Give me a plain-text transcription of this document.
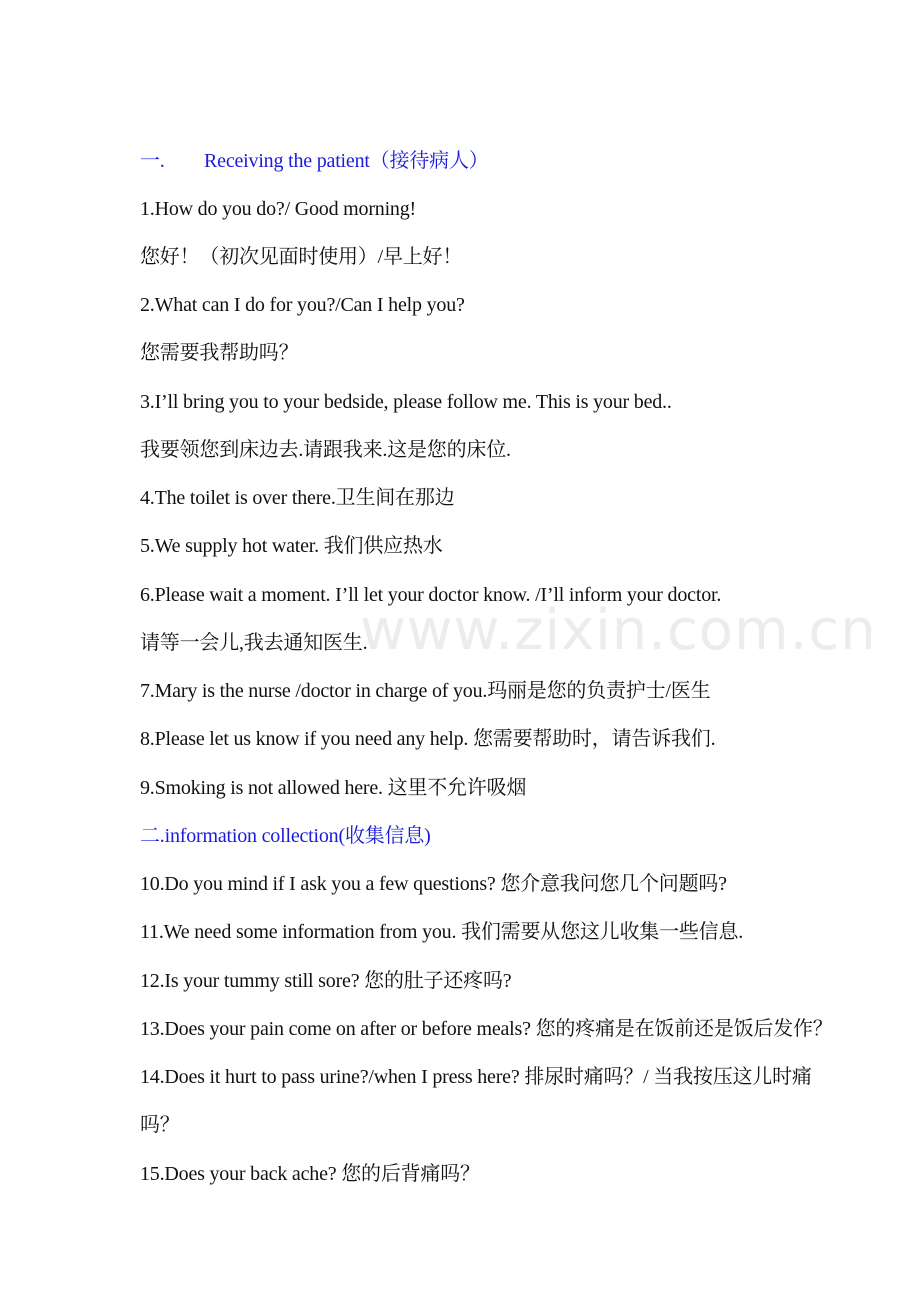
一. Receiving the patient（接待病人）
1.How do you do?/ Good morning!
您好！（初次见面时使用）/早上好！
2.What can I do for you?/Can I help you?
您需要我帮助吗？
3.I’ll bring you to your bedside, please follow me. This is your bed..
我要领您到床边去.请跟我来.这是您的床位.
4.The toilet is over there.卫生间在那边
5.We supply hot water. 我们供应热水
6.Please wait a moment. I’ll let your doctor know. /I’ll inform your doctor.
请等一会儿,我去通知医生.
7.Mary is the nurse /doctor in charge of you.玛丽是您的负责护士/医生
8.Please let us know if you need any help. 您需要帮助时，请告诉我们.
9.Smoking is not allowed here. 这里不允许吸烟
二.information collection(收集信息)
10.Do you mind if I ask you a few questions? 您介意我问您几个问题吗?
11.We need some information from you. 我们需要从您这儿收集一些信息.
12.Is your tummy still sore? 您的肚子还疼吗?
13.Does your pain come on after or before meals? 您的疼痛是在饭前还是饭后发作？
14.Does it hurt to pass urine?/when I press here? 排尿时痛吗？/ 当我按压这儿时痛
吗？
15.Does your back ache? 您的后背痛吗？
www.zixin.com.cn
